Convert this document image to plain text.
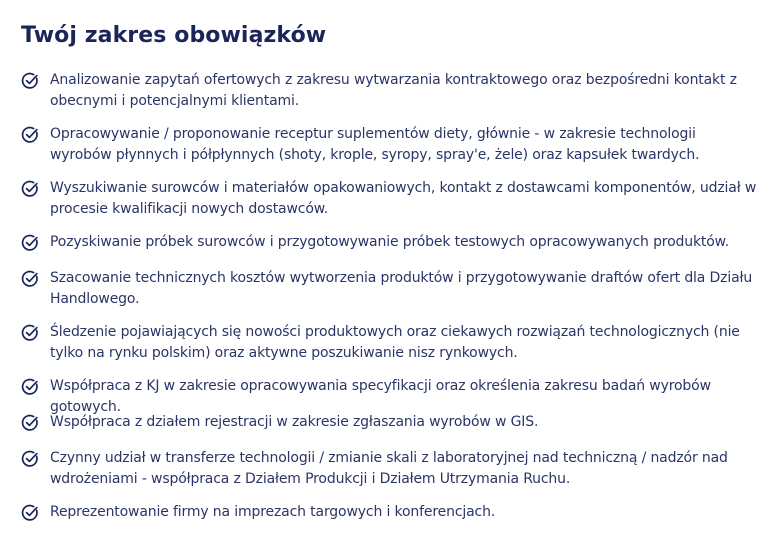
Twój zakres obowiązków
Analizowanie zapytań ofertowych z zakresu wytwarzania kontraktowego oraz bezpośredni kontakt z obecnymi i potencjalnymi klientami.
Opracowywanie / proponowanie receptur suplementów diety, głównie - w zakresie technologii wyrobów płynnych i półpłynnych (shoty, krople, syropy, spray'e, żele) oraz kapsułek twardych.
Wyszukiwanie surowców i materiałów opakowaniowych, kontakt z dostawcami komponentów, udział w procesie kwalifikacji nowych dostawców.
Pozyskiwanie próbek surowców i przygotowywanie próbek testowych opracowywanych produktów.
Szacowanie technicznych kosztów wytworzenia produktów i przygotowywanie draftów ofert dla Działu Handlowego.
Śledzenie pojawiających się nowości produktowych oraz ciekawych rozwiązań technologicznych (nie tylko na rynku polskim) oraz aktywne poszukiwanie nisz rynkowych.
Współpraca z KJ w zakresie opracowywania specyfikacji oraz określenia zakresu badań wyrobów gotowych.
Współpraca z działem rejestracji w zakresie zgłaszania wyrobów w GIS.
Czynny udział w transferze technologii / zmianie skali z laboratoryjnej nad techniczną / nadzór nad wdrożeniami - współpraca z Działem Produkcji i Działem Utrzymania Ruchu.
Reprezentowanie firmy na imprezach targowych i konferencjach.
